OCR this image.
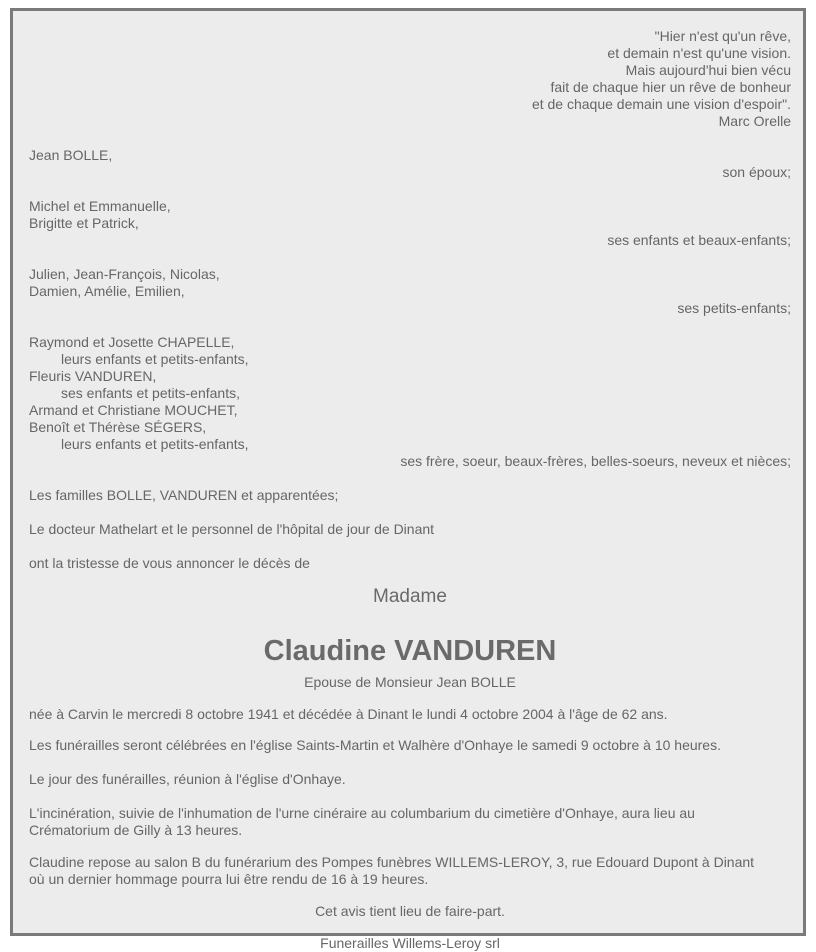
"Hier n'est qu'un rêve,
et demain n'est qu'une vision.
Mais aujourd'hui bien vécu
fait de chaque hier un rêve de bonheur
et de chaque demain une vision d'espoir".
Marc Orelle
Jean BOLLE,
son époux;
Michel et Emmanuelle,
Brigitte et Patrick,
ses enfants et beaux-enfants;
Julien, Jean-François, Nicolas,
Damien, Amélie, Emilien,
ses petits-enfants;
Raymond et Josette CHAPELLE,
leurs enfants et petits-enfants,
Fleuris VANDUREN,
ses enfants et petits-enfants,
Armand et Christiane MOUCHET,
Benoît et Thérèse SÉGERS,
leurs enfants et petits-enfants,
ses frère, soeur, beaux-frères, belles-soeurs, neveux et nièces;
Les familles BOLLE, VANDUREN et apparentées;
Le docteur Mathelart et le personnel de l'hôpital de jour de Dinant
ont la tristesse de vous annoncer le décès de
Madame
Claudine VANDUREN
Epouse de Monsieur Jean BOLLE
née à Carvin le mercredi 8 octobre 1941 et décédée à Dinant le lundi 4 octobre 2004 à l'âge de 62 ans.
Les funérailles seront célébrées en l'église Saints-Martin et Walhère d'Onhaye le samedi 9 octobre à 10 heures.
Le jour des funérailles, réunion à l'église d'Onhaye.
L'incinération, suivie de l'inhumation de l'urne cinéraire au columbarium du cimetière d'Onhaye, aura lieu au
Crématorium de Gilly à 13 heures.
Claudine repose au salon B du funérarium des Pompes funèbres WILLEMS-LEROY, 3, rue Edouard Dupont à Dinant
où un dernier hommage pourra lui être rendu de 16 à 19 heures.
Cet avis tient lieu de faire-part.
Funerailles Willems-Leroy srl
